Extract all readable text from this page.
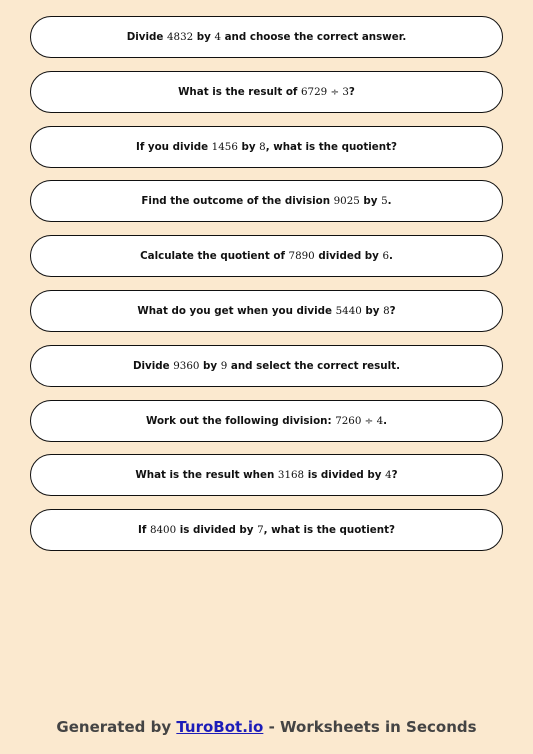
Divide 4832 by 4 and choose the correct answer.
What is the result of 6729 ÷ 3?
If you divide 1456 by 8, what is the quotient?
Find the outcome of the division 9025 by 5.
Calculate the quotient of 7890 divided by 6.
What do you get when you divide 5440 by 8?
Divide 9360 by 9 and select the correct result.
Work out the following division: 7260 ÷ 4.
What is the result when 3168 is divided by 4?
If 8400 is divided by 7, what is the quotient?
Generated by TuroBot.io - Worksheets in Seconds
